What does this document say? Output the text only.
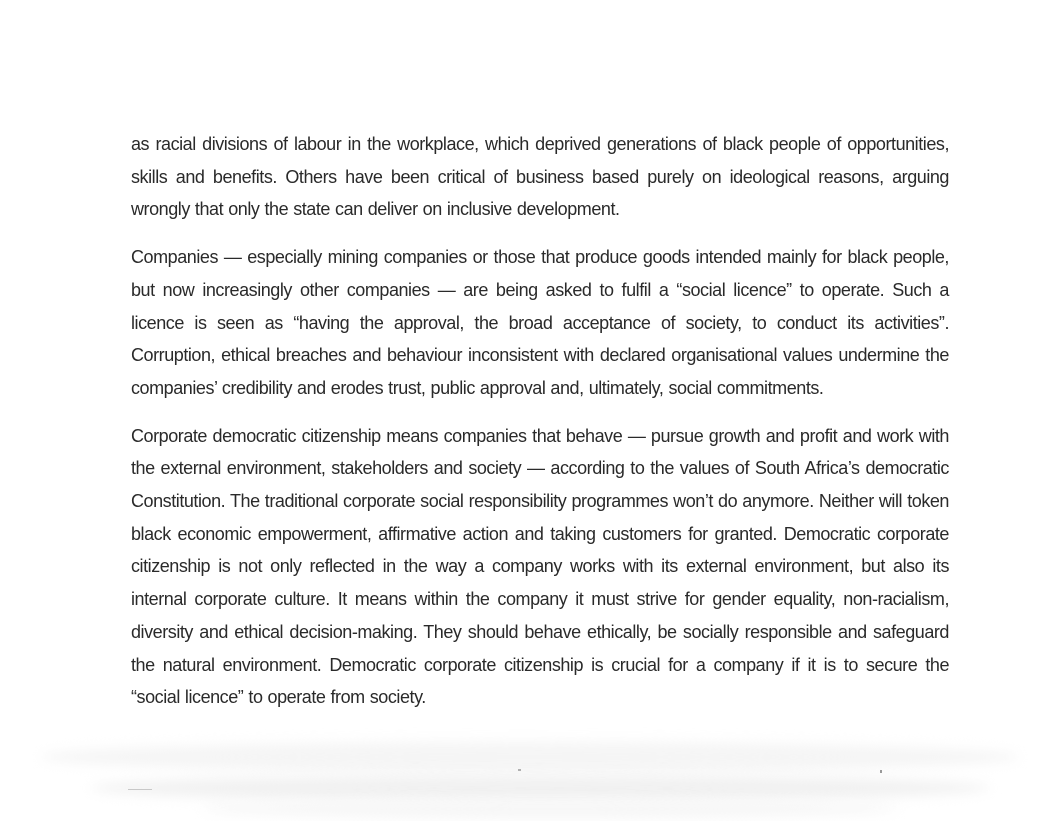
as racial divisions of labour in the workplace, which deprived generations of black people of opportunities, skills and benefits. Others have been critical of business based purely on ideological reasons, arguing wrongly that only the state can deliver on inclusive development.

Companies — especially mining companies or those that produce goods intended mainly for black people, but now increasingly other companies — are being asked to fulfil a “social licence” to operate. Such a licence is seen as “having the approval, the broad acceptance of society, to conduct its activities”. Corruption, ethical breaches and behaviour inconsistent with declared organisational values undermine the companies’ credibility and erodes trust, public approval and, ultimately, social commitments.

Corporate democratic citizenship means companies that behave — pursue growth and profit and work with the external environment, stakeholders and society — according to the values of South Africa’s democratic Constitution. The traditional corporate social responsibility programmes won’t do anymore. Neither will token black economic empowerment, affirmative action and taking customers for granted. Democratic corporate citizenship is not only reflected in the way a company works with its external environment, but also its internal corporate culture. It means within the company it must strive for gender equality, non-racialism, diversity and ethical decision-making. They should behave ethically, be socially responsible and safeguard the natural environment. Democratic corporate citizenship is crucial for a company if it is to secure the “social licence” to operate from society.
